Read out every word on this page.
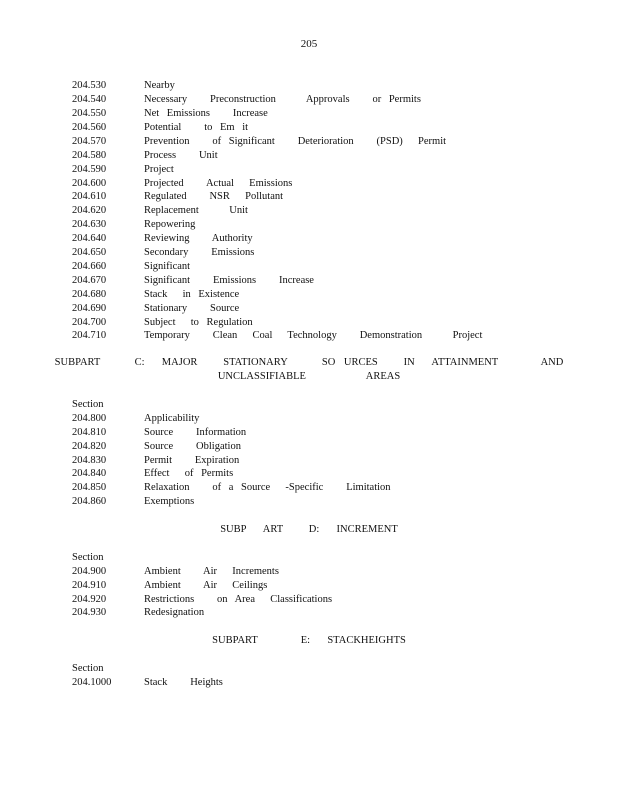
205
204.530	Nearby
204.540	Necessary   Preconstruction    Approvals   or Permits
204.550	Net Emissions   Increase
204.560	Potential   to Em it
204.570	Prevention   of Significant   Deterioration   (PSD)  Permit
204.580	Process   Unit
204.590	Project
204.600	Projected   Actual  Emissions
204.610	Regulated   NSR  Pollutant
204.620	Replacement    Unit
204.630	Repowering
204.640	Reviewing   Authority
204.650	Secondary   Emissions
204.660	Significant
204.670	Significant   Emissions   Increase
204.680	Stack  in Existence
204.690	Stationary   Source
204.700	Subject  to Regulation
204.710	Temporary   Clean  Coal  Technology   Demonstration    Project
SUBPART    C:  MAJOR   STATIONARY    SO URCES   IN  ATTAINMENT     AND
UNCLASSIFIABLE       AREAS
Section
204.800	Applicability
204.810	Source   Information
204.820	Source   Obligation
204.830	Permit   Expiration
204.840	Effect  of Permits
204.850	Relaxation   of a Source  -Specific   Limitation
204.860	Exemptions
SUBP  ART   D:  INCREMENT
Section
204.900	Ambient   Air  Increments
204.910	Ambient   Air  Ceilings
204.920	Restrictions   on Area  Classifications
204.930	Redesignation
SUBPART     E:  STACKHEIGHTS
Section
204.1000	Stack   Heights
